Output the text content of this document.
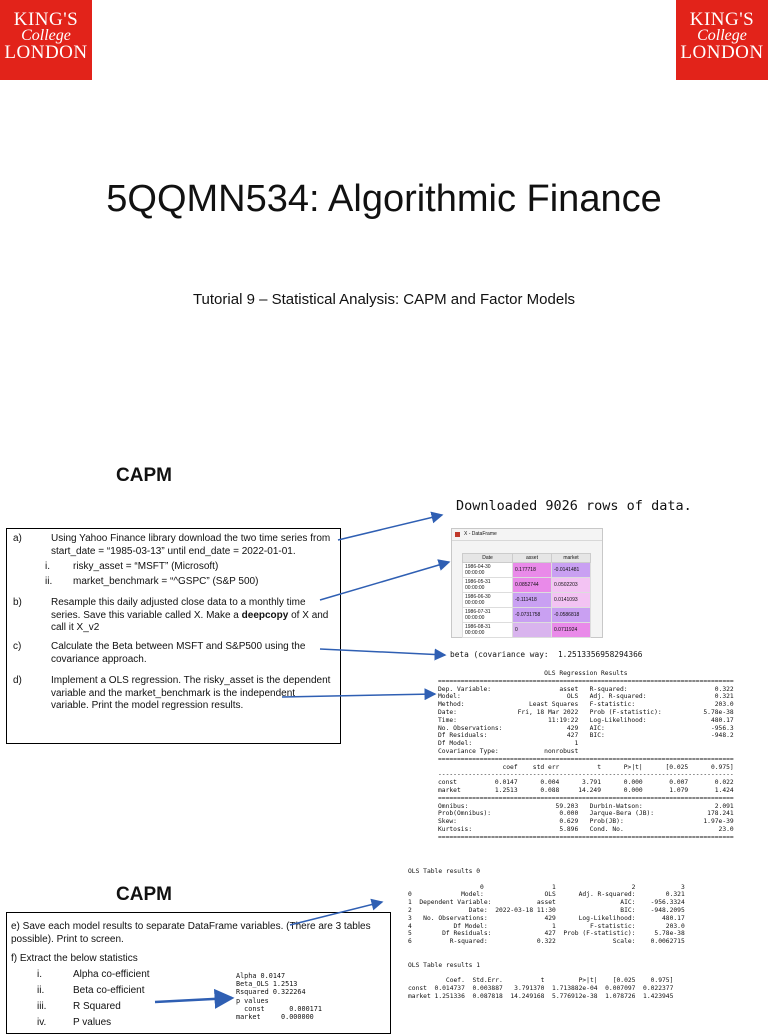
KING'S
College
LONDON
KING'S
College
LONDON
5QQMN534: Algorithmic Finance
Tutorial 9 – Statistical Analysis: CAPM and Factor Models
CAPM
CAPM
a)	Using Yahoo Finance library download the two time series from start_date = “1985-03-13” until end_date = 2022-01-01.
i.	risky_asset = “MSFT” (Microsoft)
ii.	market_benchmark = “^GSPC” (S&P 500)
b)	Resample this daily adjusted close data to a monthly time series. Save this variable called X. Make a deepcopy of X and call it X_v2
c)	Calculate the Beta between MSFT and S&P500 using the covariance approach.
d)	Implement a OLS regression. The risky_asset is the dependent variable and the market_benchmark is the independent variable. Print the model regression results.
e) Save each model results to separate DataFrame variables. (There are 3 tables possible). Print to screen.
f) Extract the below statistics
i.	Alpha co-efficient
ii.	Beta co-efficient
iii.	R Squared
iv.	P values
Downloaded 9026 rows of data.
beta (covariance way:  1.2513356958294366
OLS Regression Results
==============================================================================
Dep. Variable:                  asset   R-squared:                       0.322
Model:                            OLS   Adj. R-squared:                  0.321
Method:                 Least Squares   F-statistic:                     203.0
Date:                Fri, 18 Mar 2022   Prob (F-statistic):           5.78e-38
Time:                        11:19:22   Log-Likelihood:                 480.17
No. Observations:                 429   AIC:                            -956.3
Df Residuals:                     427   BIC:                            -948.2
Df Model:                           1
Covariance Type:            nonrobust
==============================================================================
coef    std err          t      P>|t|      [0.025      0.975]
------------------------------------------------------------------------------
const          0.0147      0.004      3.791      0.000       0.007       0.022
market         1.2513      0.088     14.249      0.000       1.079       1.424
==============================================================================
Omnibus:                       59.203   Durbin-Watson:                   2.091
Prob(Omnibus):                  0.000   Jarque-Bera (JB):              178.241
Skew:                           0.629   Prob(JB):                     1.97e-39
Kurtosis:                       5.896   Cond. No.                         23.0
==============================================================================
OLS Table results 0

0                  1                    2            3
0             Model:                OLS      Adj. R-squared:        0.321
1  Dependent Variable:            asset                 AIC:    -956.3324
2               Date:  2022-03-18 11:30                 BIC:    -948.2095
3   No. Observations:               429      Log-Likelihood:       480.17
4           Df Model:                 1         F-statistic:        203.0
5        Df Residuals:              427  Prob (F-statistic):     5.78e-38
6          R-squared:             0.322               Scale:    0.0062715

OLS Table results 1

Coef.  Std.Err.          t         P>|t|    [0.025    0.975]
const  0.014737  0.003887   3.791370  1.713882e-04  0.007097  0.022377
market 1.251336  0.087818  14.249168  5.776912e-38  1.078726  1.423945
Alpha 0.0147
Beta_OLS 1.2513
Rsquared 0.322264
p values
const      0.000171
market     0.000000
X - DataFrame
Date	asset	market
1986-04-30 00:00:00	0.177718	-0.0141481
1986-05-31 00:00:00	0.0852744	0.0502203
1986-06-30 00:00:00	-0.111418	0.0141093
1986-07-31 00:00:00	-0.0731758	-0.0586818
1986-08-31 00:00:00	0	0.0711924
